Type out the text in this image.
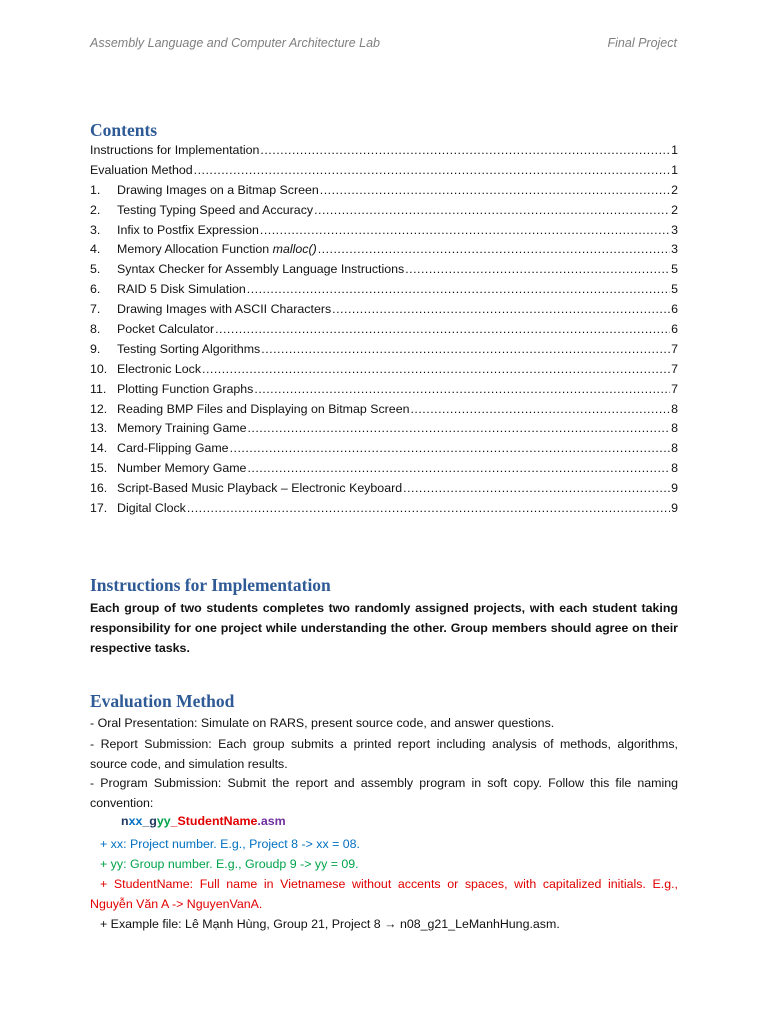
Assembly Language and Computer Architecture Lab	Final Project
Contents
Instructions for Implementation .....	1
Evaluation Method .....	1
1.	Drawing Images on a Bitmap Screen .....	2
2.	Testing Typing Speed and Accuracy .....	2
3.	Infix to Postfix Expression .....	3
4.	Memory Allocation Function malloc() .....	3
5.	Syntax Checker for Assembly Language Instructions .....	5
6.	RAID 5 Disk Simulation .....	5
7.	Drawing Images with ASCII Characters .....	6
8.	Pocket Calculator .....	6
9.	Testing Sorting Algorithms .....	7
10. Electronic Lock .....	7
11. Plotting Function Graphs .....	7
12. Reading BMP Files and Displaying on Bitmap Screen .....	8
13. Memory Training Game .....	8
14. Card-Flipping Game .....	8
15. Number Memory Game .....	8
16. Script-Based Music Playback – Electronic Keyboard .....	9
17. Digital Clock .....	9
Instructions for Implementation

Each group of two students completes two randomly assigned projects, with each student taking responsibility for one project while understanding the other. Group members should agree on their respective tasks.

Evaluation Method
- Oral Presentation: Simulate on RARS, present source code, and answer questions.
- Report Submission: Each group submits a printed report including analysis of methods, algorithms, source code, and simulation results.
- Program Submission: Submit the report and assembly program in soft copy. Follow this file naming convention:
nxx_gyy_StudentName.asm
+ xx: Project number. E.g., Project 8 -> xx = 08.
+ yy: Group number. E.g., Groudp 9 -> yy = 09.
+ StudentName: Full name in Vietnamese without accents or spaces, with capitalized initials. E.g., Nguyễn Văn A -> NguyenVanA.
+ Example file: Lê Mạnh Hùng, Group 21, Project 8 → n08_g21_LeManhHung.asm.
